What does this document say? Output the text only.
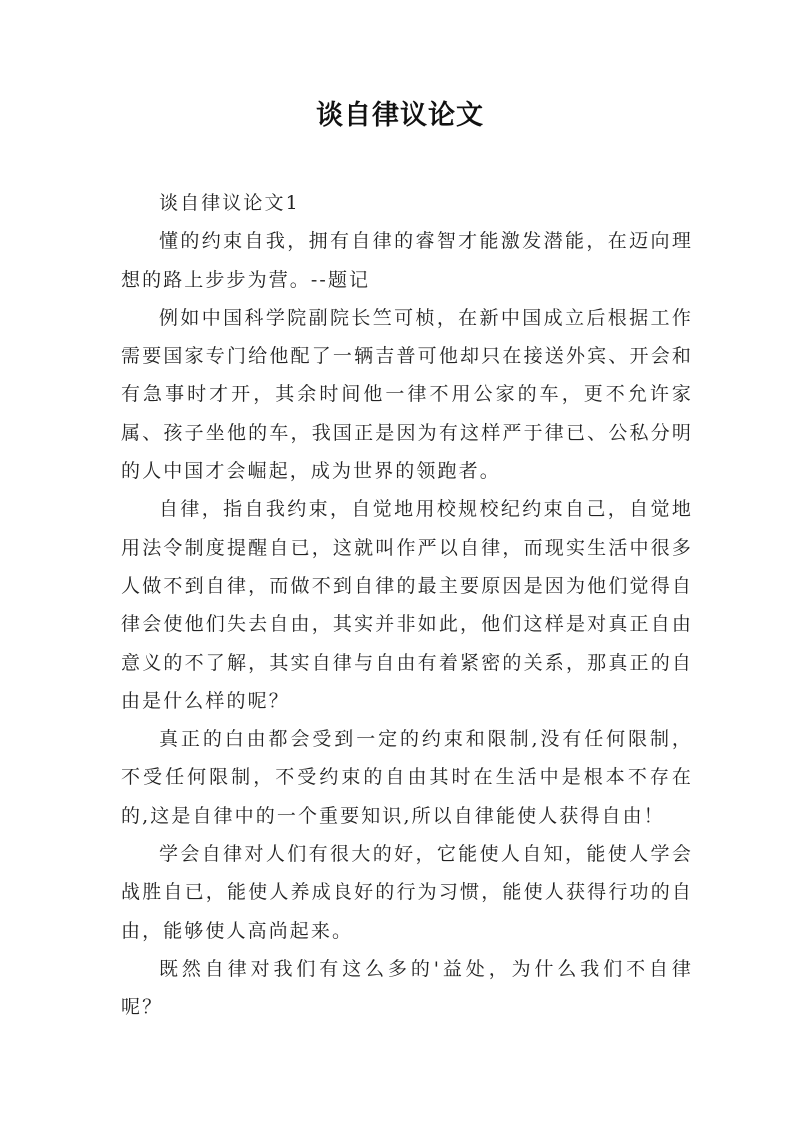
谈自律议论文

谈自律议论文1

懂的约束自我，拥有自律的睿智才能激发潜能，在迈向理想的路上步步为营。--题记

例如中国科学院副院长竺可桢，在新中国成立后根据工作需要国家专门给他配了一辆吉普可他却只在接送外宾、开会和有急事时才开，其余时间他一律不用公家的车，更不允许家属、孩子坐他的车，我国正是因为有这样严于律已、公私分明的人中国才会崛起，成为世界的领跑者。

自律，指自我约束，自觉地用校规校纪约束自己，自觉地用法令制度提醒自已，这就叫作严以自律，而现实生活中很多人做不到自律，而做不到自律的最主要原因是因为他们觉得自律会使他们失去自由，其实并非如此，他们这样是对真正自由意义的不了解，其实自律与自由有着紧密的关系，那真正的自由是什么样的呢？

真正的白由都会受到一定的约束和限制,没有任何限制，不受任何限制，不受约束的自由其时在生活中是根本不存在的,这是自律中的一个重要知识,所以自律能使人获得自由！

学会自律对人们有很大的好，它能使人自知，能使人学会战胜自已，能使人养成良好的行为习惯，能使人获得行功的自由，能够使人高尚起来。

既然自律对我们有这么多的'益处，为什么我们不自律呢？
